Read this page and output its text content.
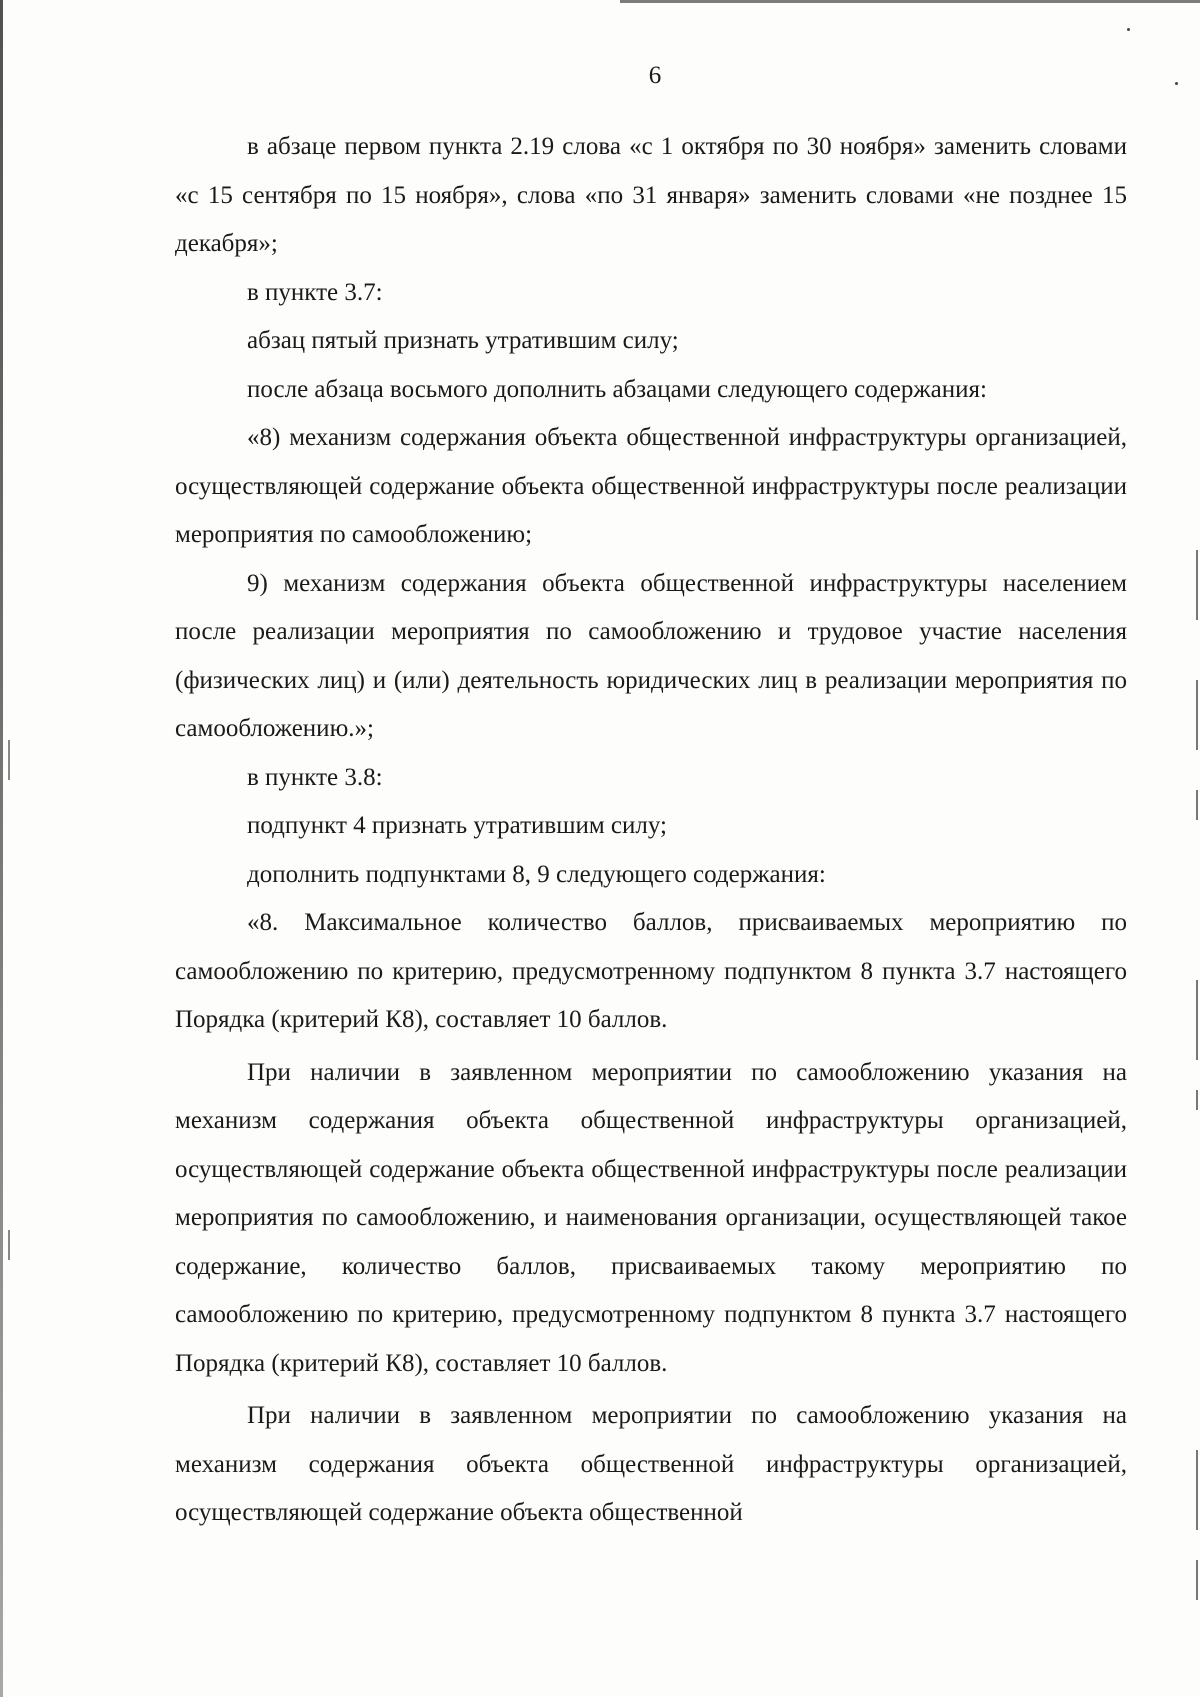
6

в абзаце первом пункта 2.19 слова «с 1 октября по 30 ноября» заменить словами «с 15 сентября по 15 ноября», слова «по 31 января» заменить словами «не позднее 15 декабря»;

в пункте 3.7:

абзац пятый признать утратившим силу;

после абзаца восьмого дополнить абзацами следующего содержания:

«8) механизм содержания объекта общественной инфраструктуры организацией, осуществляющей содержание объекта общественной инфраструктуры после реализации мероприятия по самообложению;

9) механизм содержания объекта общественной инфраструктуры населением после реализации мероприятия по самообложению и трудовое участие населения (физических лиц) и (или) деятельность юридических лиц в реализации мероприятия по самообложению.»;

в пункте 3.8:

подпункт 4 признать утратившим силу;

дополнить подпунктами 8, 9 следующего содержания:

«8. Максимальное количество баллов, присваиваемых мероприятию по самообложению по критерию, предусмотренному подпунктом 8 пункта 3.7 настоящего Порядка (критерий К8), составляет 10 баллов.

При наличии в заявленном мероприятии по самообложению указания на механизм содержания объекта общественной инфраструктуры организацией, осуществляющей содержание объекта общественной инфраструктуры после реализации мероприятия по самообложению, и наименования организации, осуществляющей такое содержание, количество баллов, присваиваемых такому мероприятию по самообложению по критерию, предусмотренному подпунктом 8 пункта 3.7 настоящего Порядка (критерий К8), составляет 10 баллов.

При наличии в заявленном мероприятии по самообложению указания на механизм содержания объекта общественной инфраструктуры организацией, осуществляющей содержание объекта общественной
